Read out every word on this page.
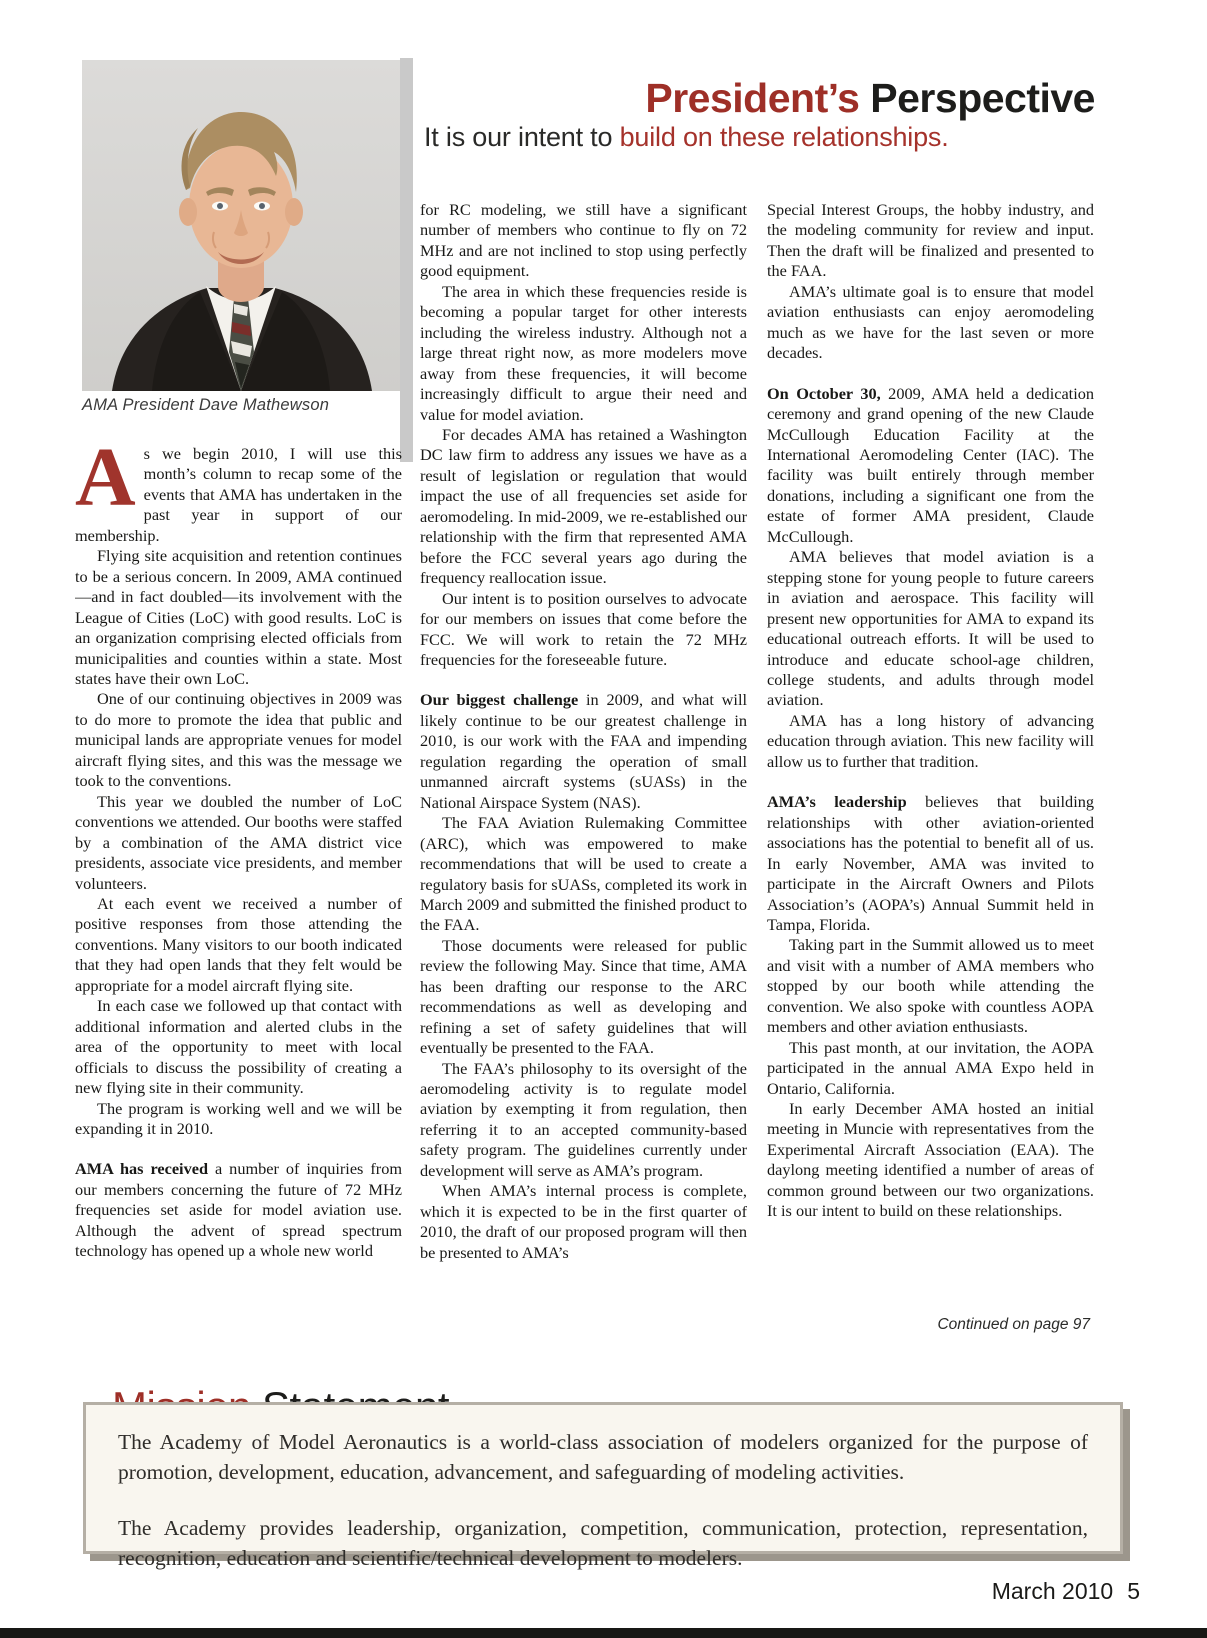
President’s Perspective
It is our intent to build on these relationships.
AMA President Dave Mathewson

As we begin 2010, I will use this month’s column to recap some of the events that AMA has undertaken in the past year in support of our membership.

Flying site acquisition and retention continues to be a serious concern. In 2009, AMA continued—and in fact doubled—its involvement with the League of Cities (LoC) with good results. LoC is an organization comprising elected officials from municipalities and counties within a state. Most states have their own LoC.

One of our continuing objectives in 2009 was to do more to promote the idea that public and municipal lands are appropriate venues for model aircraft flying sites, and this was the message we took to the conventions.

This year we doubled the number of LoC conventions we attended. Our booths were staffed by a combination of the AMA district vice presidents, associate vice presidents, and member volunteers.

At each event we received a number of positive responses from those attending the conventions. Many visitors to our booth indicated that they had open lands that they felt would be appropriate for a model aircraft flying site.

In each case we followed up that contact with additional information and alerted clubs in the area of the opportunity to meet with local officials to discuss the possibility of creating a new flying site in their community.

The program is working well and we will be expanding it in 2010.

AMA has received a number of inquiries from our members concerning the future of 72 MHz frequencies set aside for model aviation use. Although the advent of spread spectrum technology has opened up a whole new world

for RC modeling, we still have a significant number of members who continue to fly on 72 MHz and are not inclined to stop using perfectly good equipment.

The area in which these frequencies reside is becoming a popular target for other interests including the wireless industry. Although not a large threat right now, as more modelers move away from these frequencies, it will become increasingly difficult to argue their need and value for model aviation.

For decades AMA has retained a Washington DC law firm to address any issues we have as a result of legislation or regulation that would impact the use of all frequencies set aside for aeromodeling. In mid-2009, we re-established our relationship with the firm that represented AMA before the FCC several years ago during the frequency reallocation issue.

Our intent is to position ourselves to advocate for our members on issues that come before the FCC. We will work to retain the 72 MHz frequencies for the foreseeable future.

Our biggest challenge in 2009, and what will likely continue to be our greatest challenge in 2010, is our work with the FAA and impending regulation regarding the operation of small unmanned aircraft systems (sUASs) in the National Airspace System (NAS).

The FAA Aviation Rulemaking Committee (ARC), which was empowered to make recommendations that will be used to create a regulatory basis for sUASs, completed its work in March 2009 and submitted the finished product to the FAA.

Those documents were released for public review the following May. Since that time, AMA has been drafting our response to the ARC recommendations as well as developing and refining a set of safety guidelines that will eventually be presented to the FAA.

The FAA’s philosophy to its oversight of the aeromodeling activity is to regulate model aviation by exempting it from regulation, then referring it to an accepted community-based safety program. The guidelines currently under development will serve as AMA’s program.

When AMA’s internal process is complete, which it is expected to be in the first quarter of 2010, the draft of our proposed program will then be presented to AMA’s

Special Interest Groups, the hobby industry, and the modeling community for review and input. Then the draft will be finalized and presented to the FAA.

AMA’s ultimate goal is to ensure that model aviation enthusiasts can enjoy aeromodeling much as we have for the last seven or more decades.

On October 30, 2009, AMA held a dedication ceremony and grand opening of the new Claude McCullough Education Facility at the International Aeromodeling Center (IAC). The facility was built entirely through member donations, including a significant one from the estate of former AMA president, Claude McCullough.

AMA believes that model aviation is a stepping stone for young people to future careers in aviation and aerospace. This facility will present new opportunities for AMA to expand its educational outreach efforts. It will be used to introduce and educate school-age children, college students, and adults through model aviation.

AMA has a long history of advancing education through aviation. This new facility will allow us to further that tradition.

AMA’s leadership believes that building relationships with other aviation-oriented associations has the potential to benefit all of us. In early November, AMA was invited to participate in the Aircraft Owners and Pilots Association’s (AOPA’s) Annual Summit held in Tampa, Florida.

Taking part in the Summit allowed us to meet and visit with a number of AMA members who stopped by our booth while attending the convention. We also spoke with countless AOPA members and other aviation enthusiasts.

This past month, at our invitation, the AOPA participated in the annual AMA Expo held in Ontario, California.

In early December AMA hosted an initial meeting in Muncie with representatives from the Experimental Aircraft Association (EAA). The daylong meeting identified a number of areas of common ground between our two organizations. It is our intent to build on these relationships.

Continued on page 97

The Academy of Model Aeronautics is a world-class association of modelers organized for the purpose of promotion, development, education, advancement, and safeguarding of modeling activities.

The Academy provides leadership, organization, competition, communication, protection, representation, recognition, education and scientific/technical development to modelers.

March 2010 5
